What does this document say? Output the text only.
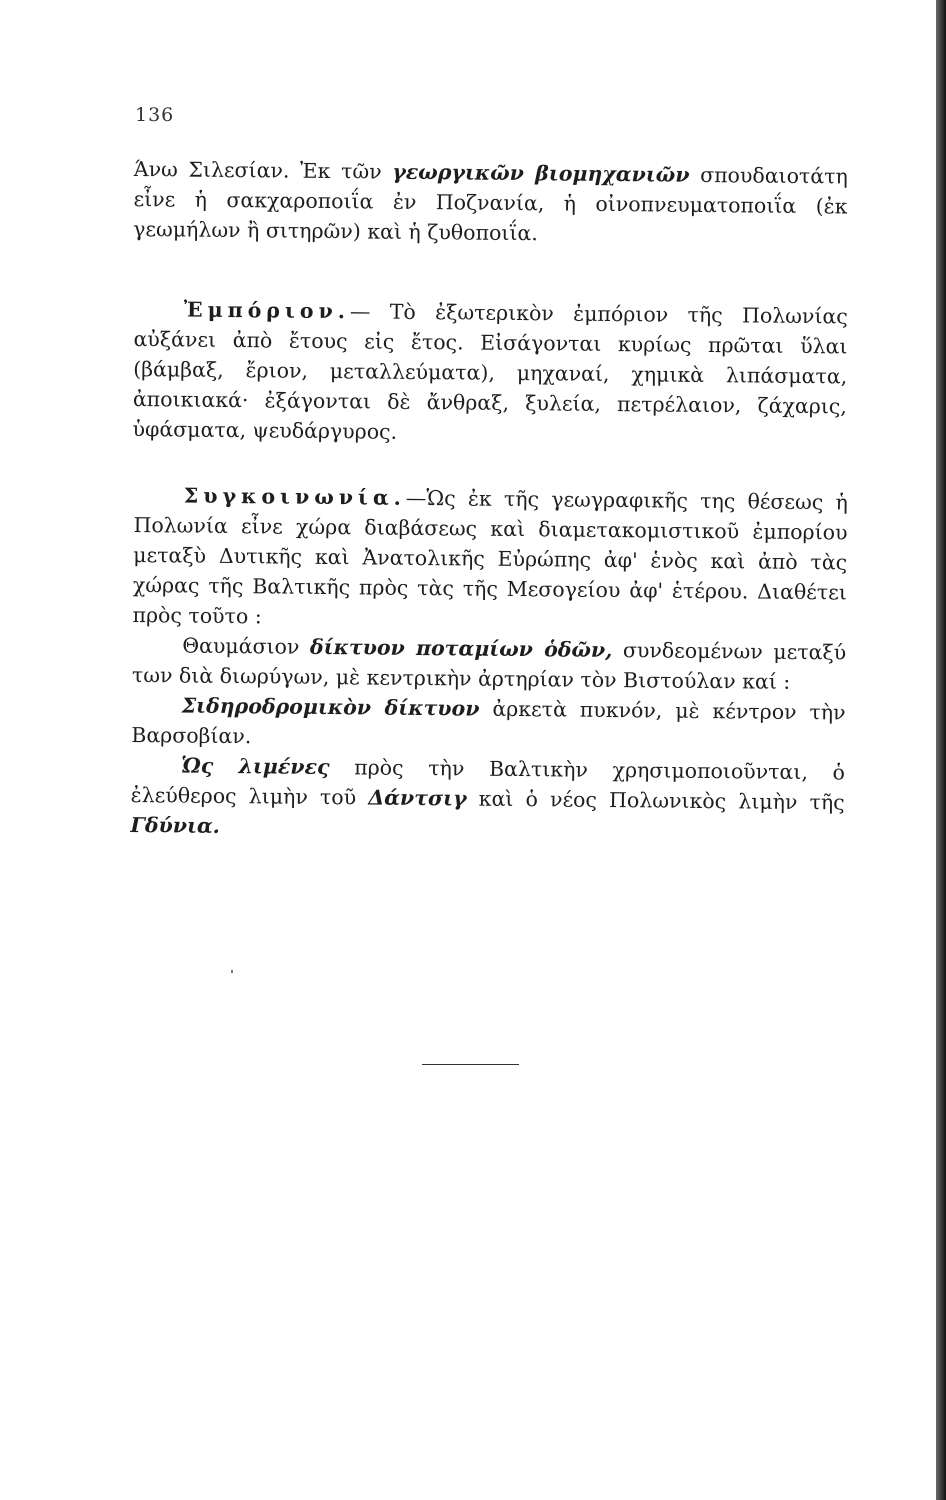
136

Άνω Σιλεσίαν. Ἐκ τῶν γεωργικῶν βιομηχανιῶν σπουδαιοτάτη εἶνε ἡ σακχαροποιΐα ἐν Ποζνανία, ἡ οἰνοπνευματοποιΐα (ἐκ γεωμήλων ἢ σιτηρῶν) καὶ ἡ ζυθοποιΐα.

Ἐμπόριον.— Τὸ ἐξωτερικὸν ἐμπόριον τῆς Πολωνίας αὐξάνει ἀπὸ ἔτους εἰς ἔτος. Εἰσάγονται κυρίως πρῶται ὕλαι (βάμβαξ, ἔριον, μεταλλεύματα), μηχαναί, χημικὰ λιπάσματα, ἀποικιακά· ἐξάγονται δὲ ἄνθραξ, ξυλεία, πετρέλαιον, ζάχαρις, ὑφάσματα, ψευδάργυρος.

Συγκοινωνία.—Ὡς ἐκ τῆς γεωγραφικῆς της θέσεως ἡ Πολωνία εἶνε χώρα διαβάσεως καὶ διαμετακομιστικοῦ ἐμπορίου μεταξὺ Δυτικῆς καὶ Ἀνατολικῆς Εὐρώπης ἀφ' ἑνὸς καὶ ἀπὸ τὰς χώρας τῆς Βαλτικῆς πρὸς τὰς τῆς Μεσογείου ἀφ' ἑτέρου. Διαθέτει πρὸς τοῦτο :

Θαυμάσιον δίκτυον ποταμίων ὁδῶν, συνδεομένων μεταξύ των διὰ διωρύγων, μὲ κεντρικὴν ἀρτηρίαν τὸν Βιστούλαν καί :

Σιδηροδρομικὸν δίκτυον ἀρκετὰ πυκνόν, μὲ κέντρον τὴν Βαρσοβίαν.

Ὡς λιμένες πρὸς τὴν Βαλτικὴν χρησιμοποιοῦνται, ὁ ἐλεύθερος λιμὴν τοῦ Δάντσιγ καὶ ὁ νέος Πολωνικὸς λιμὴν τῆς Γδύνια.
